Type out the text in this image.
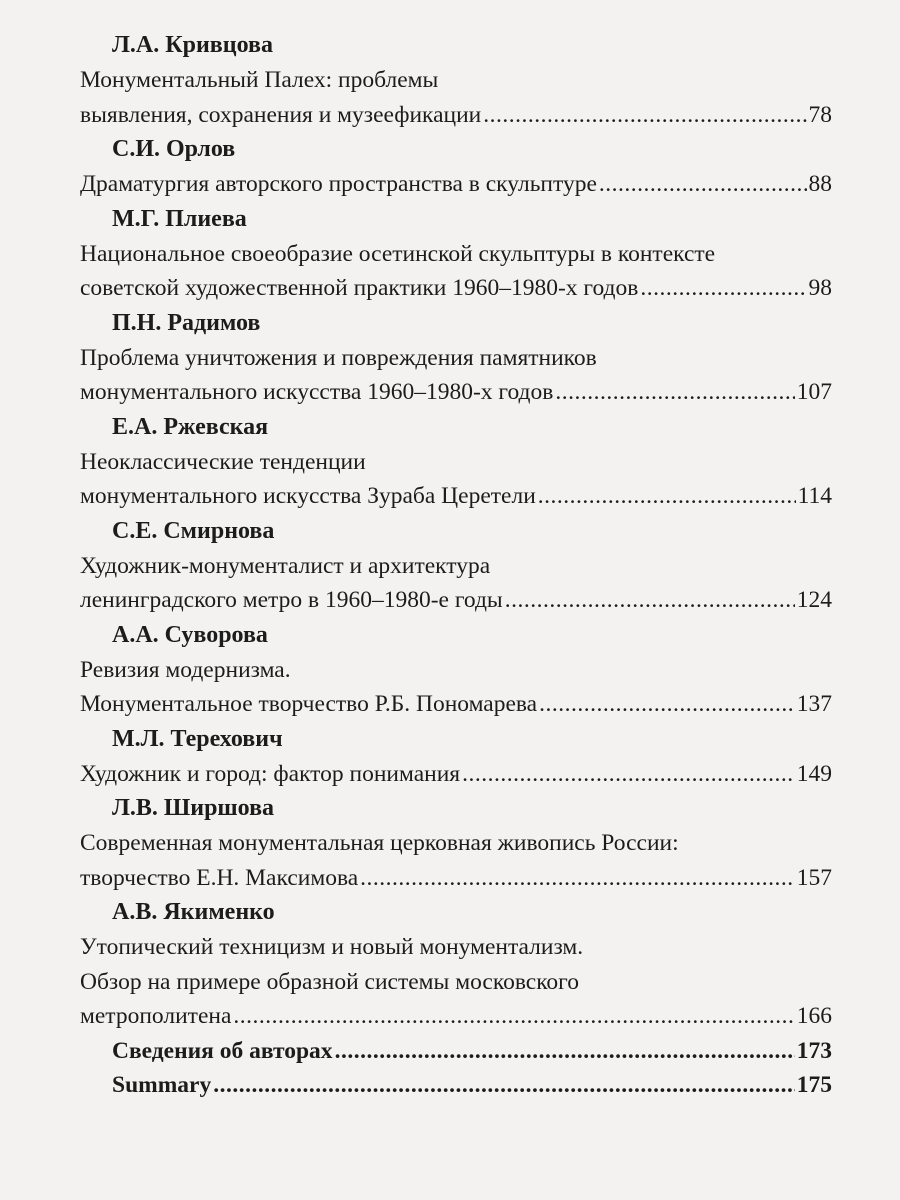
Л.А. Кривцова
Монументальный Палех: проблемы
выявления, сохранения и музеефикации .....	78
С.И. Орлов
Драматургия авторского пространства в скульптуре .....	88
М.Г. Плиева
Национальное своеобразие осетинской скульптуры в контексте
советской художественной практики 1960–1980-х годов .....	98
П.Н. Радимов
Проблема уничтожения и повреждения памятников
монументального искусства 1960–1980-х годов .....	107
Е.А. Ржевская
Неоклассические тенденции
монументального искусства Зураба Церетели .....	114
С.Е. Смирнова
Художник-монументалист и архитектура
ленинградского метро в 1960–1980-е годы .....	124
А.А. Суворова
Ревизия модернизма.
Монументальное творчество Р.Б. Пономарева .....	137
М.Л. Терехович
Художник и город: фактор понимания .....	149
Л.В. Ширшова
Современная монументальная церковная живопись России:
творчество Е.Н. Максимова .....	157
А.В. Якименко
Утопический техницизм и новый монументализм.
Обзор на примере образной системы московского
метрополитена .....	166
Сведения об авторах .....	173
Summary .....	175
